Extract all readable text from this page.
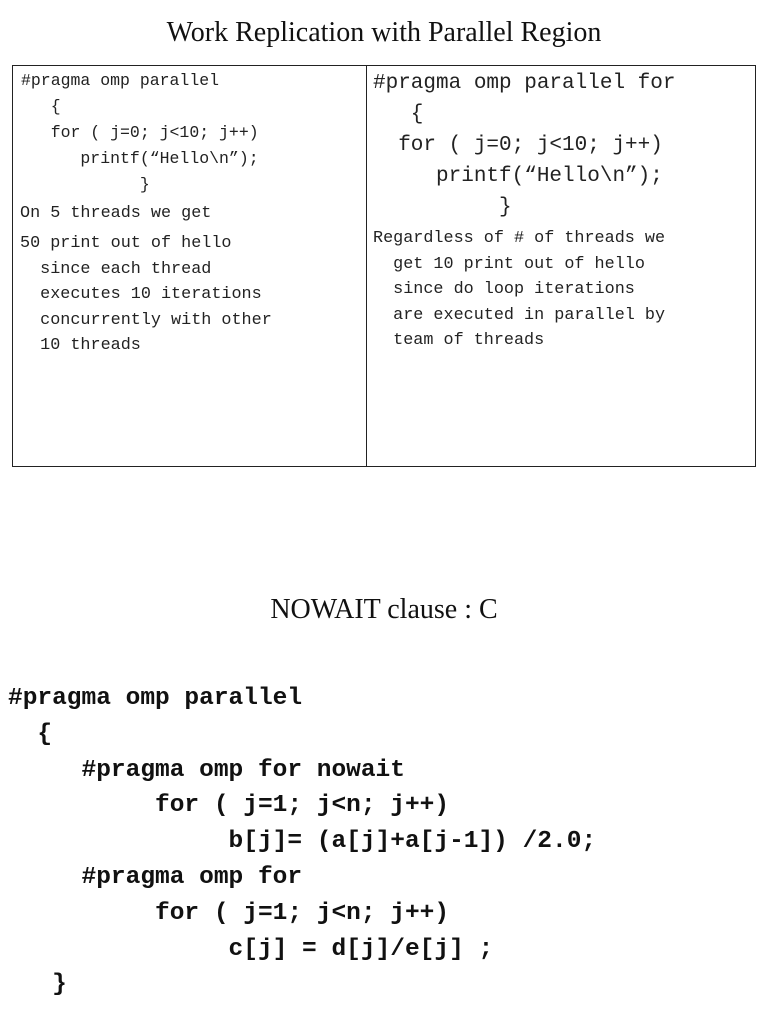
Work Replication with Parallel Region
#pragma omp parallel
{
for ( j=0; j<10; j++)
printf(“Hello\n”);
}
On 5 threads we get
50 print out of hello
since each thread
executes 10 iterations
concurrently with other
10 threads
#pragma omp parallel for
{
for ( j=0; j<10; j++)
printf(“Hello\n”);
}
Regardless of # of threads we
get 10 print out of hello
since do loop iterations
are executed in parallel by
team of threads
NOWAIT clause : C
#pragma omp parallel
{
#pragma omp for nowait
for ( j=1; j<n; j++)
b[j]= (a[j]+a[j-1]) /2.0;
#pragma omp for
for ( j=1; j<n; j++)
c[j] = d[j]/e[j] ;
}
